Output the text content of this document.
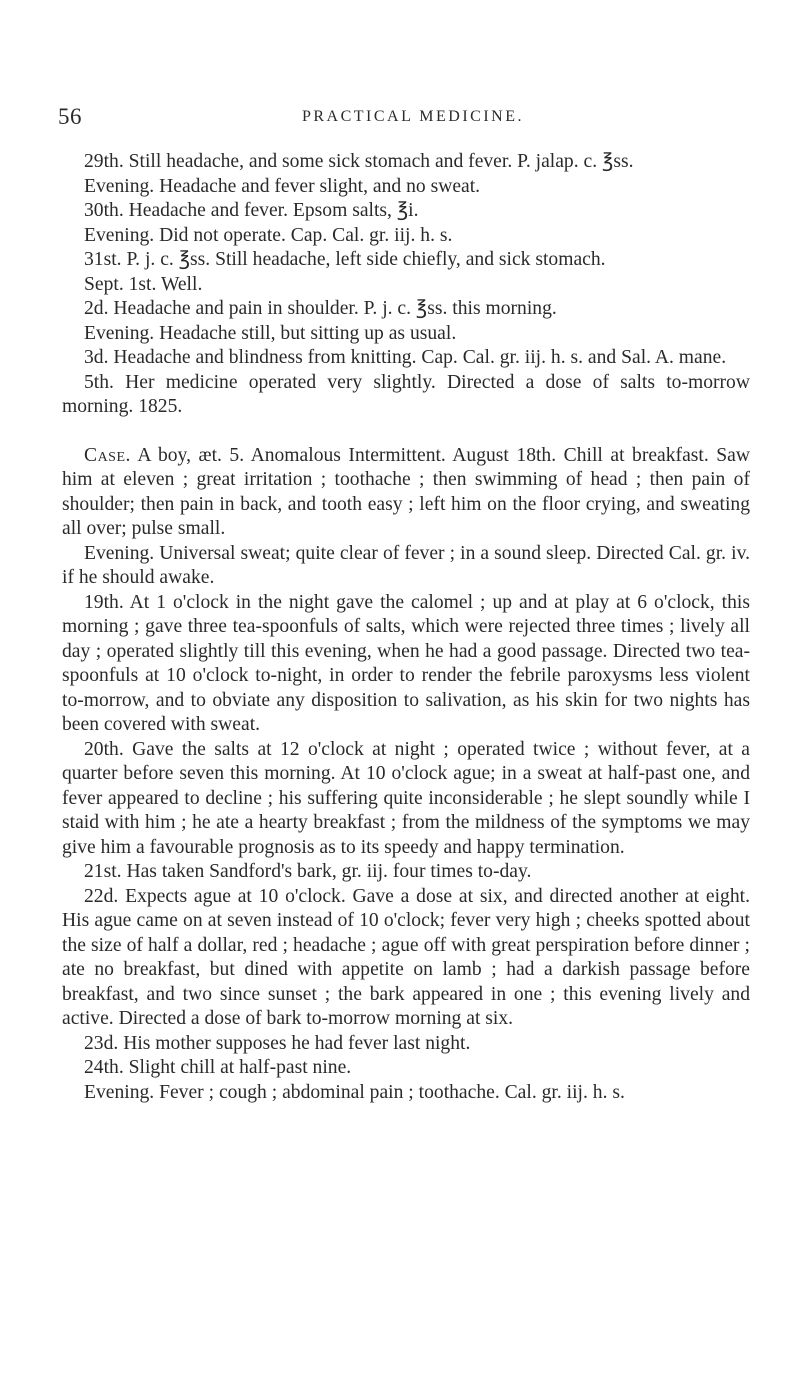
56	PRACTICAL MEDICINE.

29th. Still headache, and some sick stomach and fever. P. jalap. c. ℥ss.

Evening. Headache and fever slight, and no sweat.

30th. Headache and fever. Epsom salts, ℥i.

Evening. Did not operate. Cap. Cal. gr. iij. h. s.

31st. P. j. c. ℥ss. Still headache, left side chiefly, and sick stomach.

Sept. 1st. Well.

2d. Headache and pain in shoulder. P. j. c. ℥ss. this morning.

Evening. Headache still, but sitting up as usual.

3d. Headache and blindness from knitting. Cap. Cal. gr. iij. h. s. and Sal. A. mane.

5th. Her medicine operated very slightly. Directed a dose of salts to-morrow morning. 1825.

Case. A boy, æt. 5. Anomalous Intermittent. August 18th. Chill at breakfast. Saw him at eleven ; great irritation ; toothache ; then swimming of head ; then pain of shoulder; then pain in back, and tooth easy ; left him on the floor crying, and sweating all over; pulse small.

Evening. Universal sweat; quite clear of fever ; in a sound sleep. Directed Cal. gr. iv. if he should awake.

19th. At 1 o'clock in the night gave the calomel ; up and at play at 6 o'clock, this morning ; gave three tea-spoonfuls of salts, which were rejected three times ; lively all day ; operated slightly till this evening, when he had a good passage. Directed two tea-spoonfuls at 10 o'clock to-night, in order to render the febrile paroxysms less violent to-morrow, and to obviate any disposition to salivation, as his skin for two nights has been covered with sweat.

20th. Gave the salts at 12 o'clock at night ; operated twice ; without fever, at a quarter before seven this morning. At 10 o'clock ague; in a sweat at half-past one, and fever appeared to decline ; his suffering quite inconsiderable ; he slept soundly while I staid with him ; he ate a hearty breakfast ; from the mildness of the symptoms we may give him a favourable prognosis as to its speedy and happy termination.

21st. Has taken Sandford's bark, gr. iij. four times to-day.

22d. Expects ague at 10 o'clock. Gave a dose at six, and directed another at eight. His ague came on at seven instead of 10 o'clock; fever very high ; cheeks spotted about the size of half a dollar, red ; headache ; ague off with great perspiration before dinner ; ate no breakfast, but dined with appetite on lamb ; had a darkish passage before breakfast, and two since sunset ; the bark appeared in one ; this evening lively and active. Directed a dose of bark to-morrow morning at six.

23d. His mother supposes he had fever last night.

24th. Slight chill at half-past nine.

Evening. Fever ; cough ; abdominal pain ; toothache. Cal. gr. iij. h. s.
